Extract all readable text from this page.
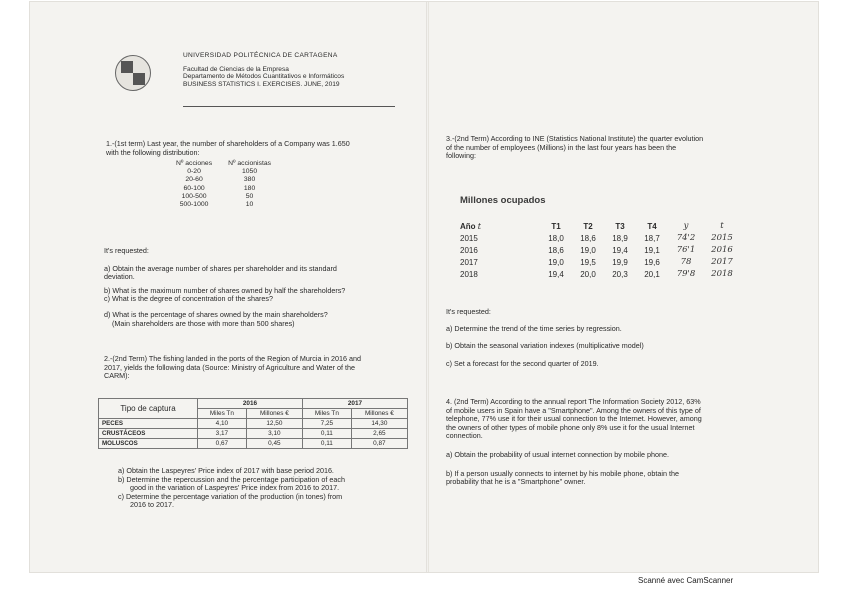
UNIVERSIDAD POLITÉCNICA DE CARTAGENA
Facultad de Ciencias de la Empresa
Departamento de Métodos Cuantitativos e Informáticos
BUSINESS STATISTICS I. EXERCISES. JUNE, 2019
1.-(1st term) Last year, the number of shareholders of a Company was 1.650
with the following distribution:
Nº acciones	Nº accionistas
0-20	1050
20-60	380
60-100	180
100-500	50
500-1000	10
It's requested:
a) Obtain the average number of shares per shareholder and its standard
deviation.
b) What is the maximum number of shares owned by half the shareholders?
c) What is the degree of concentration of the shares?
d) What is the percentage of shares owned by the main shareholders?
(Main shareholders are those with more than 500 shares)
2.-(2nd Term) The fishing landed in the ports of the Region of Murcia in 2016 and
2017, yields the following data (Source: Ministry of Agriculture and Water of the
CARM):
Tipo de captura	2016		2017	
	Miles Tn	Millones €	Miles Tn	Millones €
PECES	4,10	12,50	7,25	14,30
CRUSTÁCEOS	3,17	3,10	0,11	2,65
MOLUSCOS	0,67	0,45	0,11	0,87
a) Obtain the Laspeyres' Price index of 2017 with base period 2016.
b) Determine the repercussion and the percentage participation of each
good in the variation of Laspeyres' Price index from 2016 to 2017.
c) Determine the percentage variation of the production (in tones) from
2016 to 2017.
3.-(2nd Term) According to INE (Statistics National Institute) the quarter evolution
of the number of employees (Millions) in the last four years has been the
following:
Millones ocupados
Año t	T1	T2	T3	T4	y	t
2015	18,0	18,6	18,9	18,7	74'2	2015
2016	18,6	19,0	19,4	19,1	76'1	2016
2017	19,0	19,5	19,9	19,6	78	2017
2018	19,4	20,0	20,3	20,1	79'8	2018
It's requested:
a) Determine the trend of the time series by regression.
b) Obtain the seasonal variation indexes (multiplicative model)
c) Set a forecast for the second quarter of 2019.
4. (2nd Term) According to the annual report The Information Society 2012, 63%
of mobile users in Spain have a "Smartphone". Among the owners of this type of
telephone, 77% use it for their usual connection to the Internet. However, among
the owners of other types of mobile phone only 8% use it for the usual Internet
connection.
a) Obtain the probability of usual internet connection by mobile phone.
b) If a person usually connects to internet by his mobile phone, obtain the
probability that he is a "Smartphone" owner.
Scanné avec CamScanner
